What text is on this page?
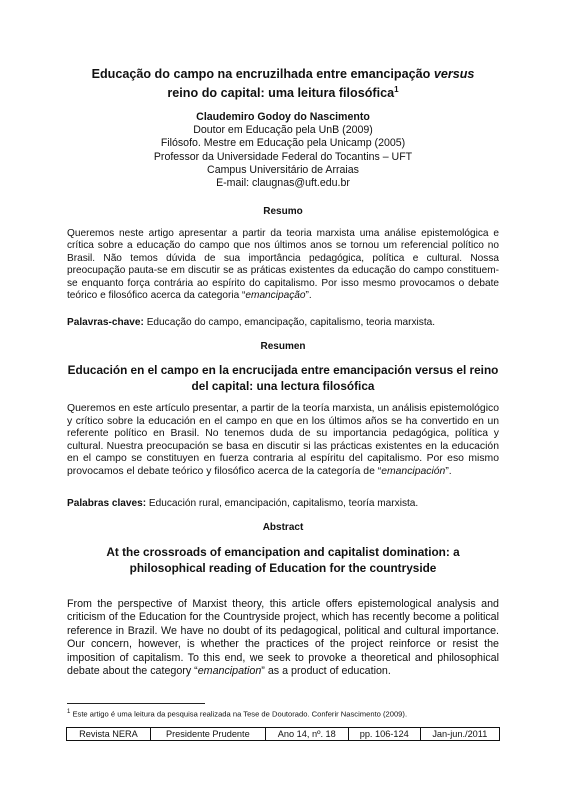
Educação do campo na encruzilhada entre emancipação versus
reino do capital: uma leitura filosófica$^1$
Claudemiro Godoy do Nascimento
Doutor em Educação pela UnB (2009)
Filósofo. Mestre em Educação pela Unicamp (2005)
Professor da Universidade Federal do Tocantins – UFT
Campus Universitário de Arraias
E-mail: claugnas@uft.edu.br
Resumo
Queremos neste artigo apresentar a partir da teoria marxista uma análise epistemológica e crítica sobre a educação do campo que nos últimos anos se tornou um referencial político no Brasil. Não temos dúvida de sua importância pedagógica, política e cultural. Nossa preocupação pauta-se em discutir se as práticas existentes da educação do campo constituem-se enquanto força contrária ao espírito do capitalismo. Por isso mesmo provocamos o debate teórico e filosófico acerca da categoria “emancipação”.
Palavras-chave: Educação do campo, emancipação, capitalismo, teoria marxista.
Resumen
Educación en el campo en la encrucijada entre emancipación versus el reino del capital: una lectura filosófica
Queremos en este artículo presentar, a partir de la teoría marxista, un análisis epistemológico y crítico sobre la educación en el campo en que en los últimos años se ha convertido en un referente político en Brasil. No tenemos duda de su importancia pedagógica, política y cultural. Nuestra preocupación se basa en discutir si las prácticas existentes en la educación en el campo se constituyen en fuerza contraria al espíritu del capitalismo. Por eso mismo provocamos el debate teórico y filosófico acerca de la categoría de “emancipación”.
Palabras claves: Educación rural, emancipación, capitalismo, teoría marxista.
Abstract
At the crossroads of emancipation and capitalist domination: a philosophical reading of Education for the countryside
From the perspective of Marxist theory, this article offers epistemological analysis and criticism of the Education for the Countryside project, which has recently become a political reference in Brazil. We have no doubt of its pedagogical, political and cultural importance. Our concern, however, is whether the practices of the project reinforce or resist the imposition of capitalism. To this end, we seek to provoke a theoretical and philosophical debate about the category “emancipation” as a product of education.
$^1$ Este artigo é uma leitura da pesquisa realizada na Tese de Doutorado. Conferir Nascimento (2009).
Revista NERA	Presidente Prudente	Ano 14, nº. 18	pp. 106-124	Jan-jun./2011
